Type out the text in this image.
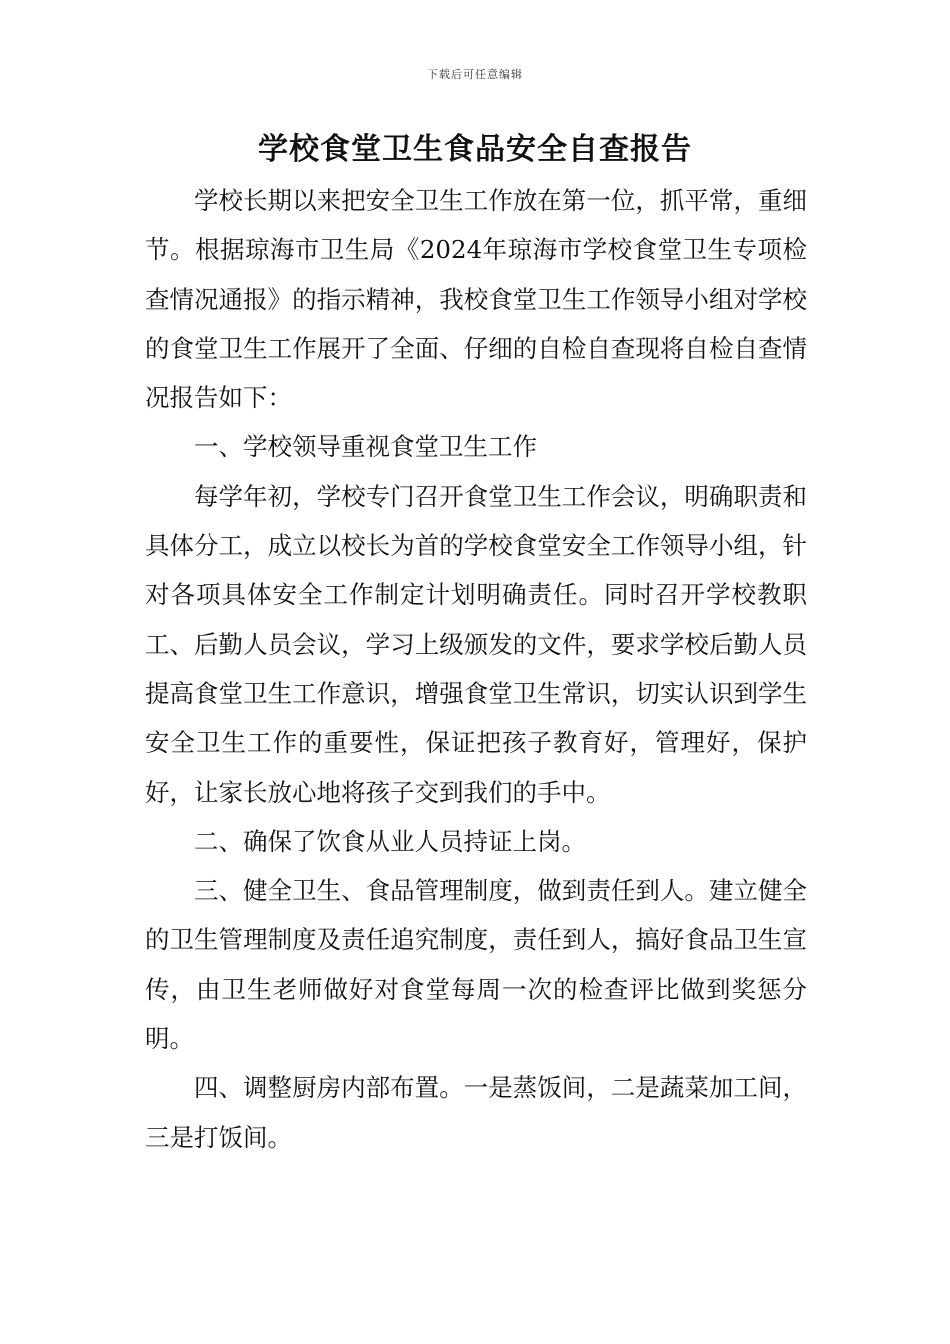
下载后可任意编辑
学校食堂卫生食品安全自查报告

学校长期以来把安全卫生工作放在第一位，抓平常，重细节。根据琼海市卫生局《2024年琼海市学校食堂卫生专项检查情况通报》的指示精神，我校食堂卫生工作领导小组对学校的食堂卫生工作展开了全面、仔细的自检自查现将自检自查情况报告如下：

一、学校领导重视食堂卫生工作

每学年初，学校专门召开食堂卫生工作会议，明确职责和具体分工，成立以校长为首的学校食堂安全工作领导小组，针对各项具体安全工作制定计划明确责任。同时召开学校教职工、后勤人员会议，学习上级颁发的文件，要求学校后勤人员提高食堂卫生工作意识，增强食堂卫生常识，切实认识到学生安全卫生工作的重要性，保证把孩子教育好，管理好，保护好，让家长放心地将孩子交到我们的手中。

二、确保了饮食从业人员持证上岗。

三、健全卫生、食品管理制度，做到责任到人。建立健全的卫生管理制度及责任追究制度，责任到人，搞好食品卫生宣传，由卫生老师做好对食堂每周一次的检查评比做到奖惩分明。

四、调整厨房内部布置。一是蒸饭间，二是蔬菜加工间，三是打饭间。
